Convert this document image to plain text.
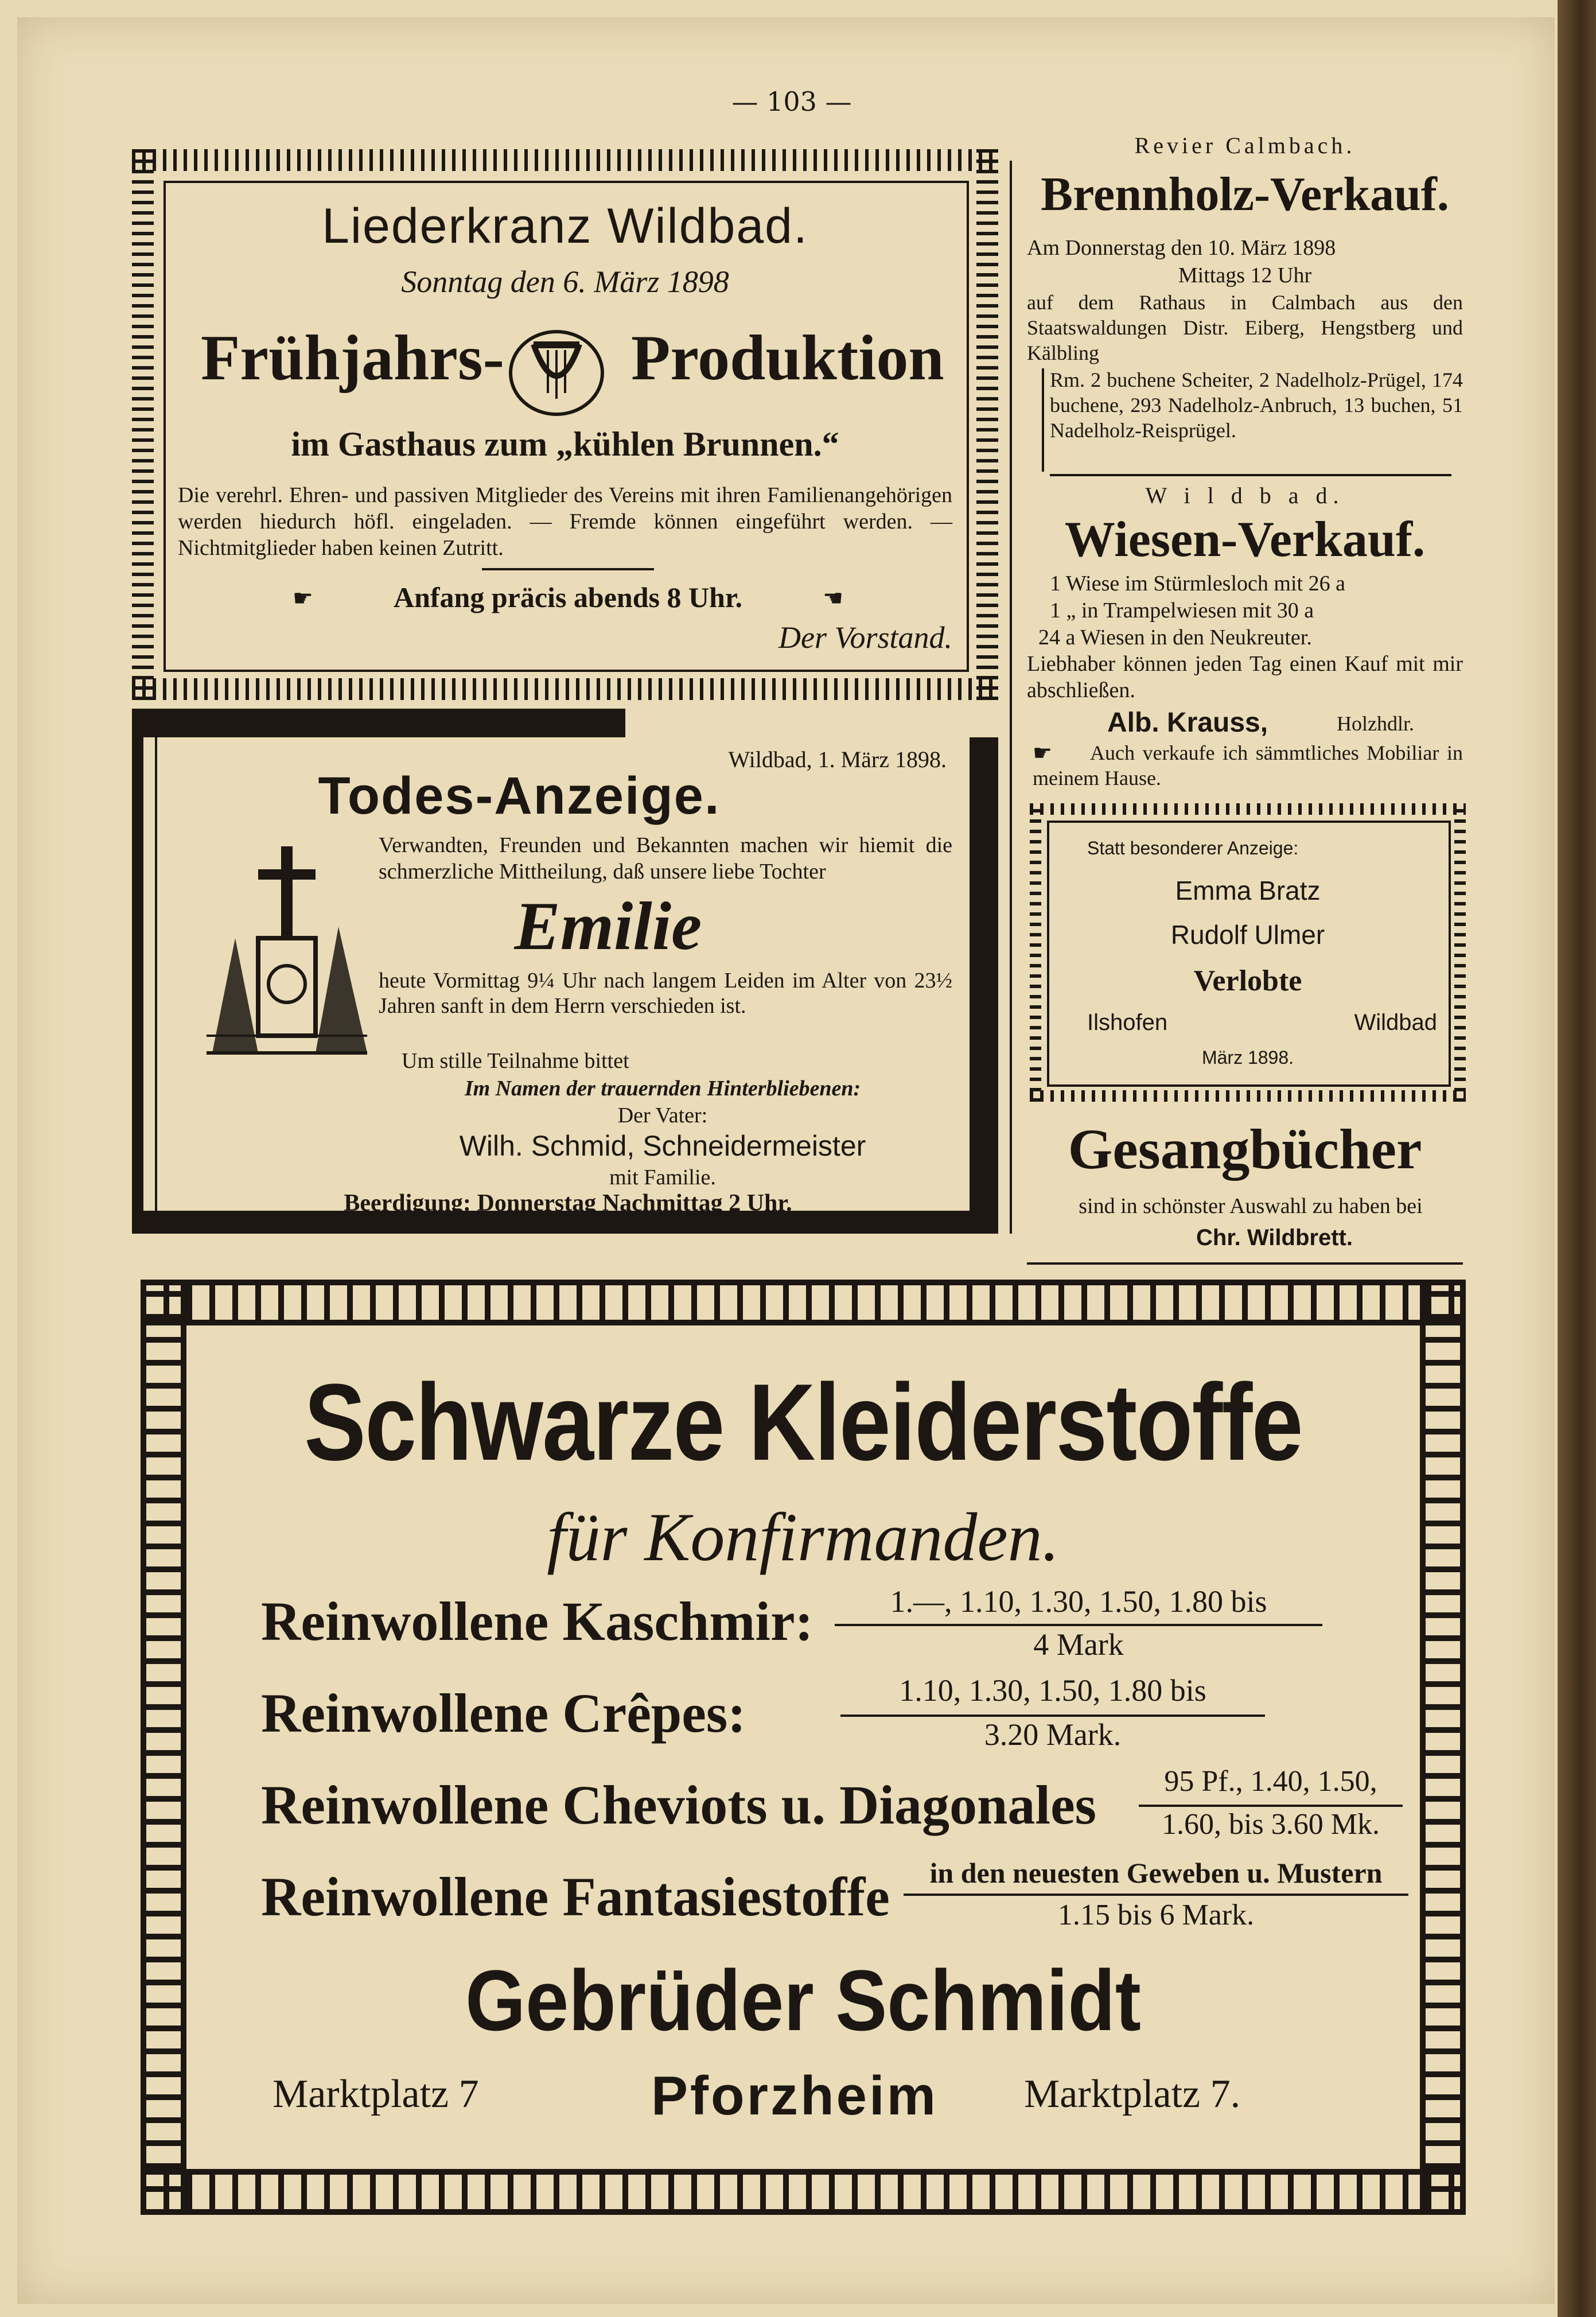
— 103 —
Liederkranz Wildbad.
Sonntag den 6. März 1898
Frühjahrs- Produktion
im Gasthaus zum „kühlen Brunnen.“
Die verehrl. Ehren- und passiven Mitglieder des Vereins mit ihren Familienangehörigen werden hiedurch höfl. eingeladen. — Fremde können eingeführt werden. — Nichtmitglieder haben keinen Zutritt.
☛	Anfang präcis abends 8 Uhr.	☛
Der Vorstand.
Revier Calmbach.
Brennholz-Verkauf.
Am Donnerstag den 10. März 1898
Mittags 12 Uhr
auf dem Rathaus in Calmbach aus den Staatswaldungen Distr. Eiberg, Hengstberg und Kälbling
Rm. 2 buchene Scheiter, 2 Nadelholz-Prügel, 174 buchene, 293 Nadelholz-Anbruch, 13 buchen, 51 Nadelholz-Reisprügel.
W i l d b a d.
Wiesen-Verkauf.
1 Wiese im Stürmlesloch mit 26 a
1 „ in Trampelwiesen mit 30 a
24 a Wiesen in den Neukreuter.
Liebhaber können jeden Tag einen Kauf mit mir abschließen.
Alb. Krauss,	Holzhdlr.
☛	Auch verkaufe ich sämmtliches Mobiliar in meinem Hause.
Statt besonderer Anzeige:
Emma Bratz
Rudolf Ulmer
Verlobte
Ilshofen	Wildbad
März 1898.
Gesangbücher
sind in schönster Auswahl zu haben bei
Chr. Wildbrett.
Wildbad, 1. März 1898.
Todes-Anzeige.
Verwandten, Freunden und Bekannten machen wir hiemit die schmerzliche Mittheilung, daß unsere liebe Tochter
Emilie
heute Vormittag 9¼ Uhr nach langem Leiden im Alter von 23½ Jahren sanft in dem Herrn verschieden ist.
Um stille Teilnahme bittet
Im Namen der trauernden Hinterbliebenen:
Der Vater:
Wilh. Schmid, Schneidermeister
mit Familie.
Beerdigung: Donnerstag Nachmittag 2 Uhr.
Schwarze Kleiderstoffe
für Konfirmanden.
Reinwollene Kaschmir:	1.—, 1.10, 1.30, 1.50, 1.80 bis
4 Mark
Reinwollene Crêpes:	1.10, 1.30, 1.50, 1.80 bis
3.20 Mark.
Reinwollene Cheviots u. Diagonales	95 Pf., 1.40, 1.50,
1.60, bis 3.60 Mk.
Reinwollene Fantasiestoffe	in den neuesten Geweben u. Mustern
1.15 bis 6 Mark.
Gebrüder Schmidt
Marktplatz 7	Pforzheim	Marktplatz 7.
